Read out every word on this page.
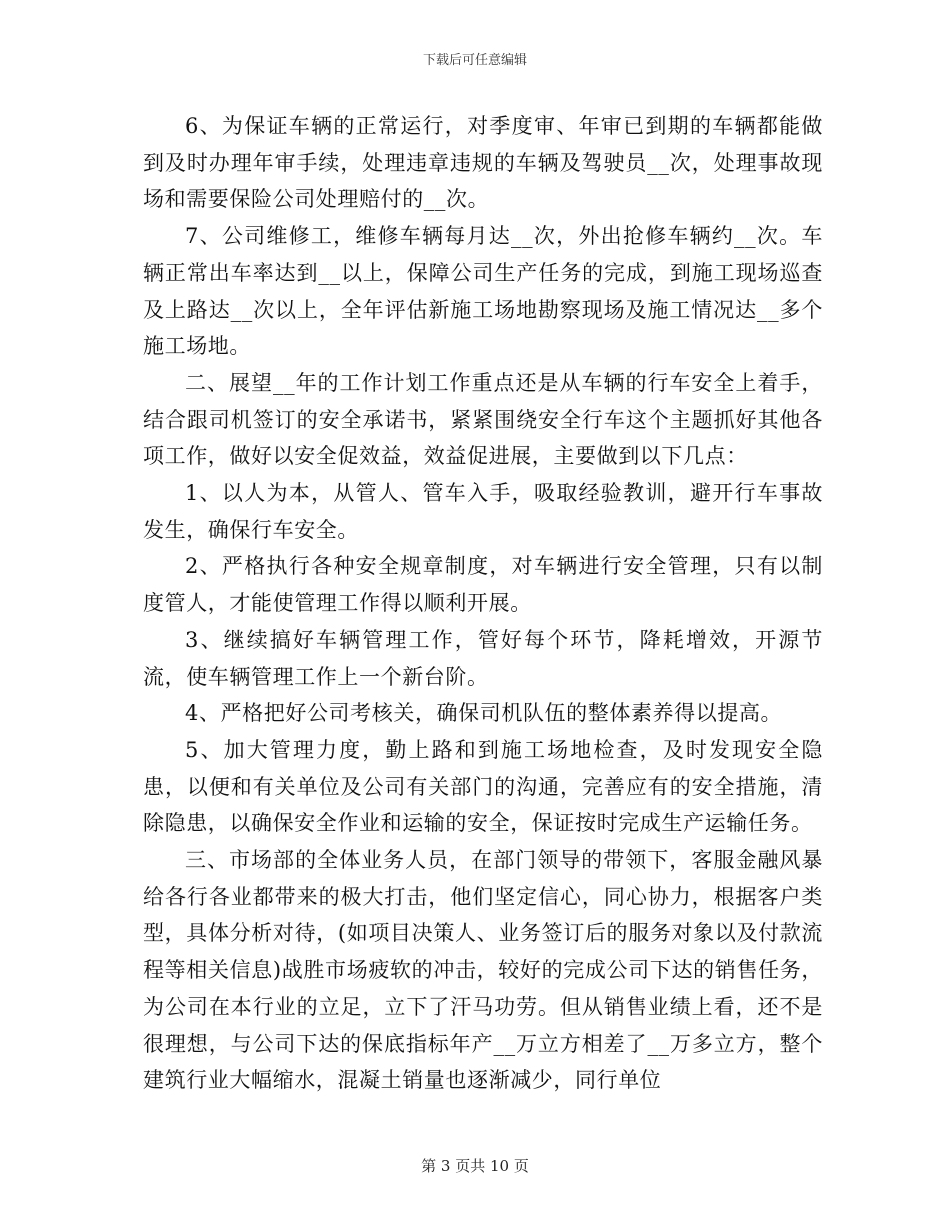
下载后可任意编辑

6、为保证车辆的正常运行，对季度审、年审已到期的车辆都能做到及时办理年审手续，处理违章违规的车辆及驾驶员__次，处理事故现场和需要保险公司处理赔付的__次。

7、公司维修工，维修车辆每月达__次，外出抢修车辆约__次。车辆正常出车率达到__以上，保障公司生产任务的完成，到施工现场巡查及上路达__次以上，全年评估新施工场地勘察现场及施工情况达__多个施工场地。

二、展望__年的工作计划工作重点还是从车辆的行车安全上着手，结合跟司机签订的安全承诺书，紧紧围绕安全行车这个主题抓好其他各项工作，做好以安全促效益，效益促进展，主要做到以下几点：

1、以人为本，从管人、管车入手，吸取经验教训，避开行车事故发生，确保行车安全。

2、严格执行各种安全规章制度，对车辆进行安全管理，只有以制度管人，才能使管理工作得以顺利开展。

3、继续搞好车辆管理工作，管好每个环节，降耗增效，开源节流，使车辆管理工作上一个新台阶。

4、严格把好公司考核关，确保司机队伍的整体素养得以提高。

5、加大管理力度，勤上路和到施工场地检查，及时发现安全隐患，以便和有关单位及公司有关部门的沟通，完善应有的安全措施，清除隐患，以确保安全作业和运输的安全，保证按时完成生产运输任务。

三、市场部的全体业务人员，在部门领导的带领下，客服金融风暴给各行各业都带来的极大打击，他们坚定信心，同心协力，根据客户类型，具体分析对待，(如项目决策人、业务签订后的服务对象以及付款流程等相关信息)战胜市场疲软的冲击，较好的完成公司下达的销售任务，为公司在本行业的立足，立下了汗马功劳。但从销售业绩上看，还不是很理想，与公司下达的保底指标年产__万立方相差了__万多立方，整个建筑行业大幅缩水，混凝土销量也逐渐减少，同行单位

第 3 页共 10 页
